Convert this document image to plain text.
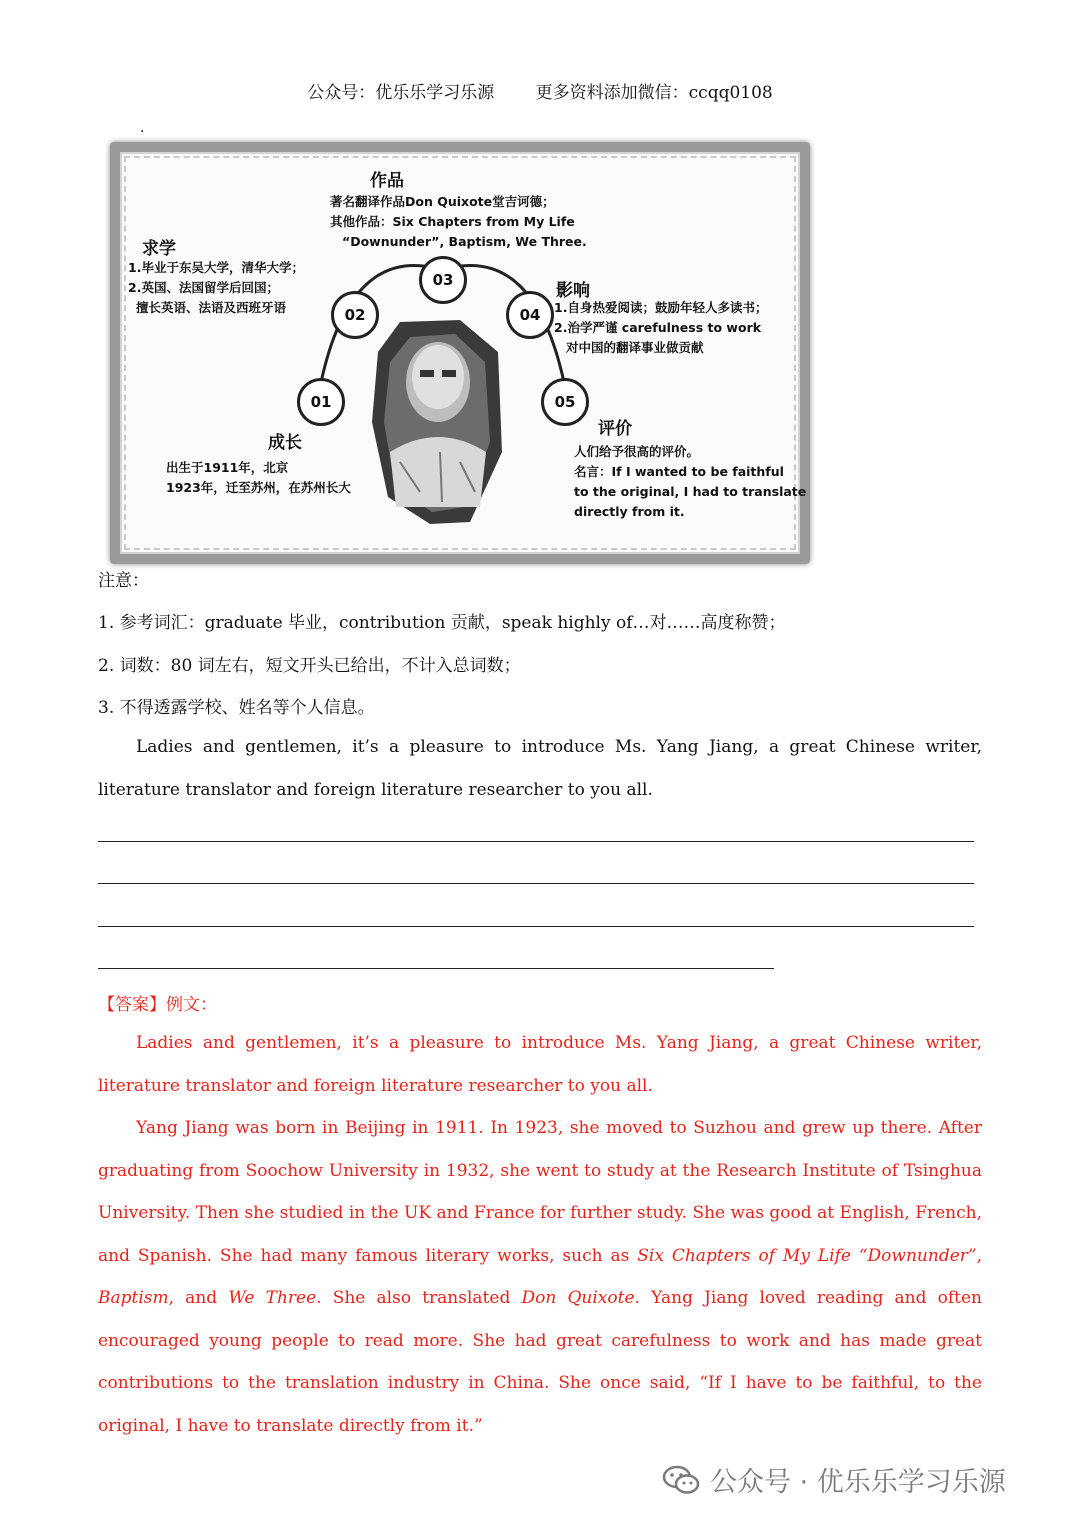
公众号：优乐乐学习乐源 更多资料添加微信：ccqq0108
·
01
02
03
04
05
作品
著名翻译作品Don Quixote堂吉诃德；
其他作品：Six Chapters from My Life
“Downunder”, Baptism, We Three.
求学
1.毕业于东吴大学，清华大学；
2.英国、法国留学后回国；
擅长英语、法语及西班牙语
影响
1.自身热爱阅读；鼓励年轻人多读书；
2.治学严谨 carefulness to work
对中国的翻译事业做贡献
成长
出生于1911年，北京
1923年，迁至苏州，在苏州长大
评价
人们给予很高的评价。
名言：If I wanted to be faithful
to the original, I had to translate
directly from it.
注意：
1. 参考词汇：graduate 毕业，contribution 贡献，speak highly of…对……高度称赞；
2. 词数：80 词左右，短文开头已给出，不计入总词数；
3. 不得透露学校、姓名等个人信息。

Ladies and gentlemen, it’s a pleasure to introduce Ms. Yang Jiang, a great Chinese writer, literature translator and foreign literature researcher to you all.

【答案】例文：

Ladies and gentlemen, it’s a pleasure to introduce Ms. Yang Jiang, a great Chinese writer, literature translator and foreign literature researcher to you all.

Yang Jiang was born in Beijing in 1911. In 1923, she moved to Suzhou and grew up there. After graduating from Soochow University in 1932, she went to study at the Research Institute of Tsinghua University. Then she studied in the UK and France for further study. She was good at English, French, and Spanish. She had many famous literary works, such as Six Chapters of My Life “Downunder”, Baptism, and We Three. She also translated Don Quixote. Yang Jiang loved reading and often encouraged young people to read more. She had great carefulness to work and has made great contributions to the translation industry in China. She once said, “If I have to be faithful, to the original, I have to translate directly from it.”

公众号 · 优乐乐学习乐源
